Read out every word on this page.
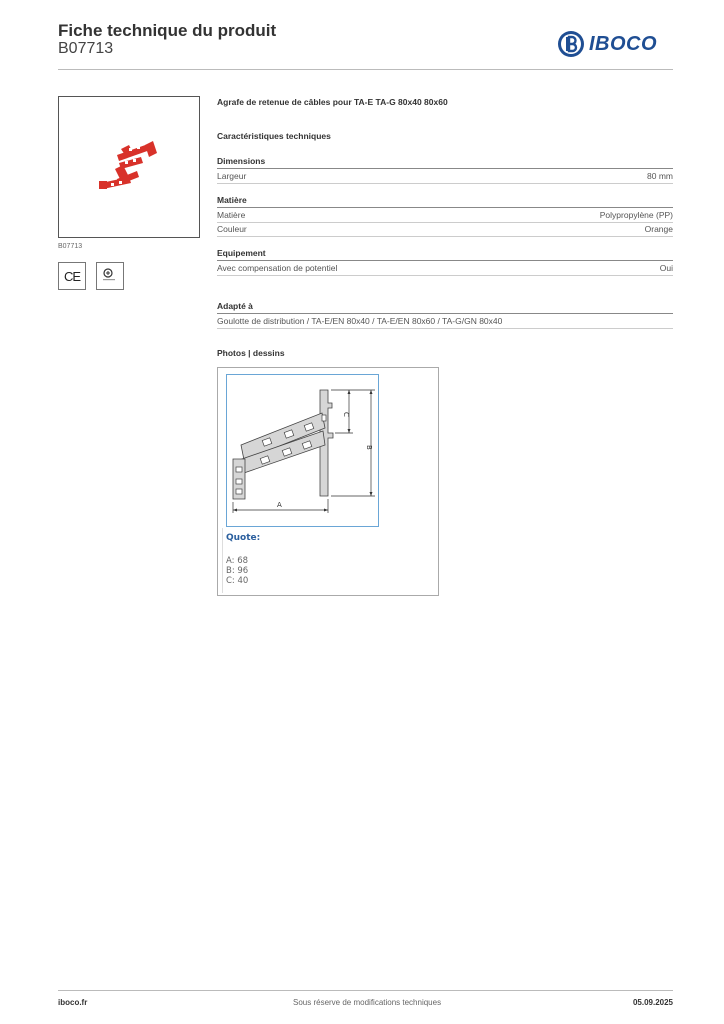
Fiche technique du produit
B07713	IBOCO
B07713
CE
Agrafe de retenue de câbles pour TA-E TA-G 80x40 80x60
Caractéristiques techniques
Dimensions
Largeur	80 mm
Matière
Matière	Polypropylène (PP)
Couleur	Orange
Equipement
Avec compensation de potentiel	Oui
Adapté à
Goulotte de distribution / TA-E/EN 80x40 / TA-E/EN 80x60 / TA-G/GN 80x40
Photos | dessins
A
B
C
Quote:
A: 68
B: 96
C: 40
iboco.fr	Sous réserve de modifications techniques	05.09.2025
